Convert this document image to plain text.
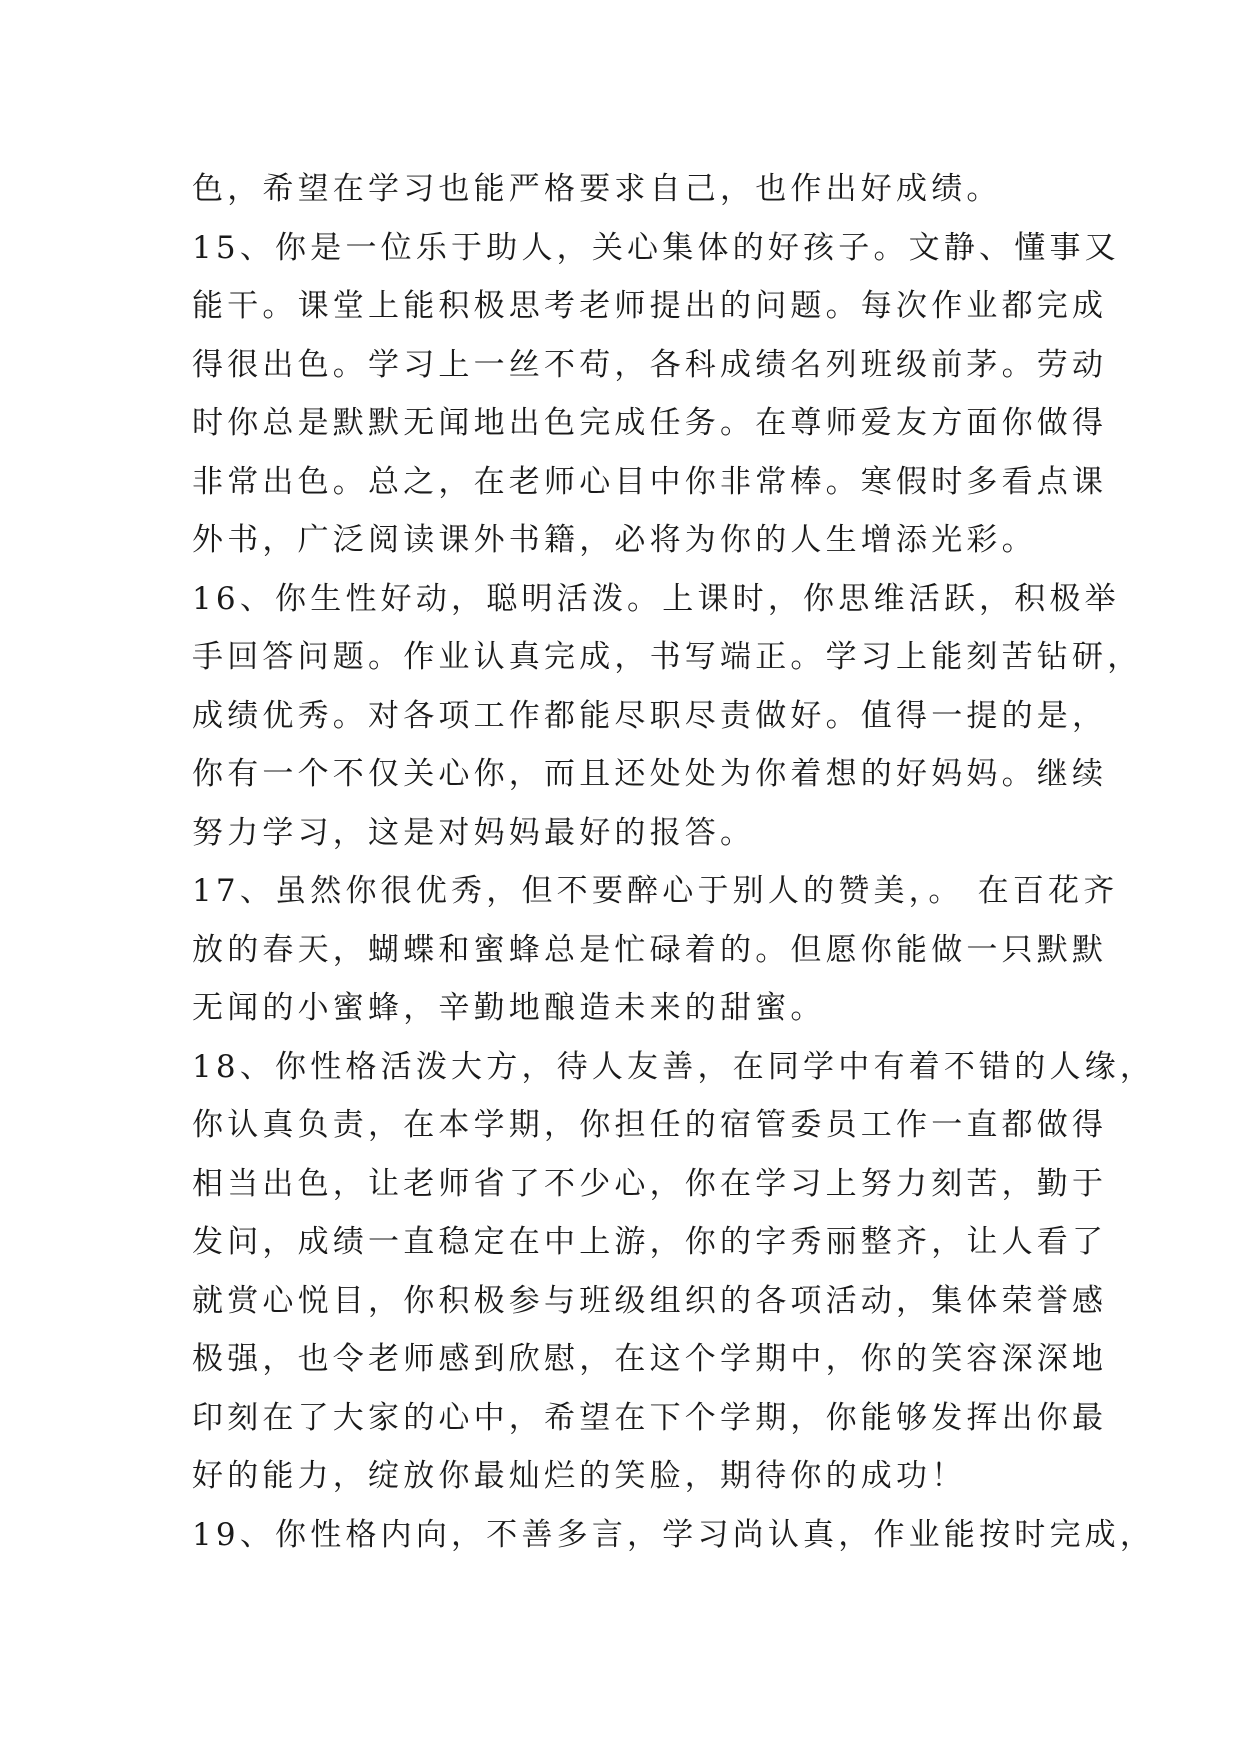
色，希望在学习也能严格要求自己，也作出好成绩。
15、你是一位乐于助人，关心集体的好孩子。文静、懂事又
能干。课堂上能积极思考老师提出的问题。每次作业都完成
得很出色。学习上一丝不苟，各科成绩名列班级前茅。劳动
时你总是默默无闻地出色完成任务。在尊师爱友方面你做得
非常出色。总之，在老师心目中你非常棒。寒假时多看点课
外书，广泛阅读课外书籍，必将为你的人生增添光彩。
16、你生性好动，聪明活泼。上课时，你思维活跃，积极举
手回答问题。作业认真完成，书写端正。学习上能刻苦钻研，
成绩优秀。对各项工作都能尽职尽责做好。值得一提的是，
你有一个不仅关心你，而且还处处为你着想的好妈妈。继续
努力学习，这是对妈妈最好的报答。
17、虽然你很优秀，但不要醉心于别人的赞美，。 在百花齐
放的春天，蝴蝶和蜜蜂总是忙碌着的。但愿你能做一只默默
无闻的小蜜蜂，辛勤地酿造未来的甜蜜。
18、你性格活泼大方，待人友善，在同学中有着不错的人缘，
你认真负责，在本学期，你担任的宿管委员工作一直都做得
相当出色，让老师省了不少心，你在学习上努力刻苦，勤于
发问，成绩一直稳定在中上游，你的字秀丽整齐，让人看了
就赏心悦目，你积极参与班级组织的各项活动，集体荣誉感
极强，也令老师感到欣慰，在这个学期中，你的笑容深深地
印刻在了大家的心中，希望在下个学期，你能够发挥出你最
好的能力，绽放你最灿烂的笑脸，期待你的成功！
19、你性格内向，不善多言，学习尚认真，作业能按时完成，
